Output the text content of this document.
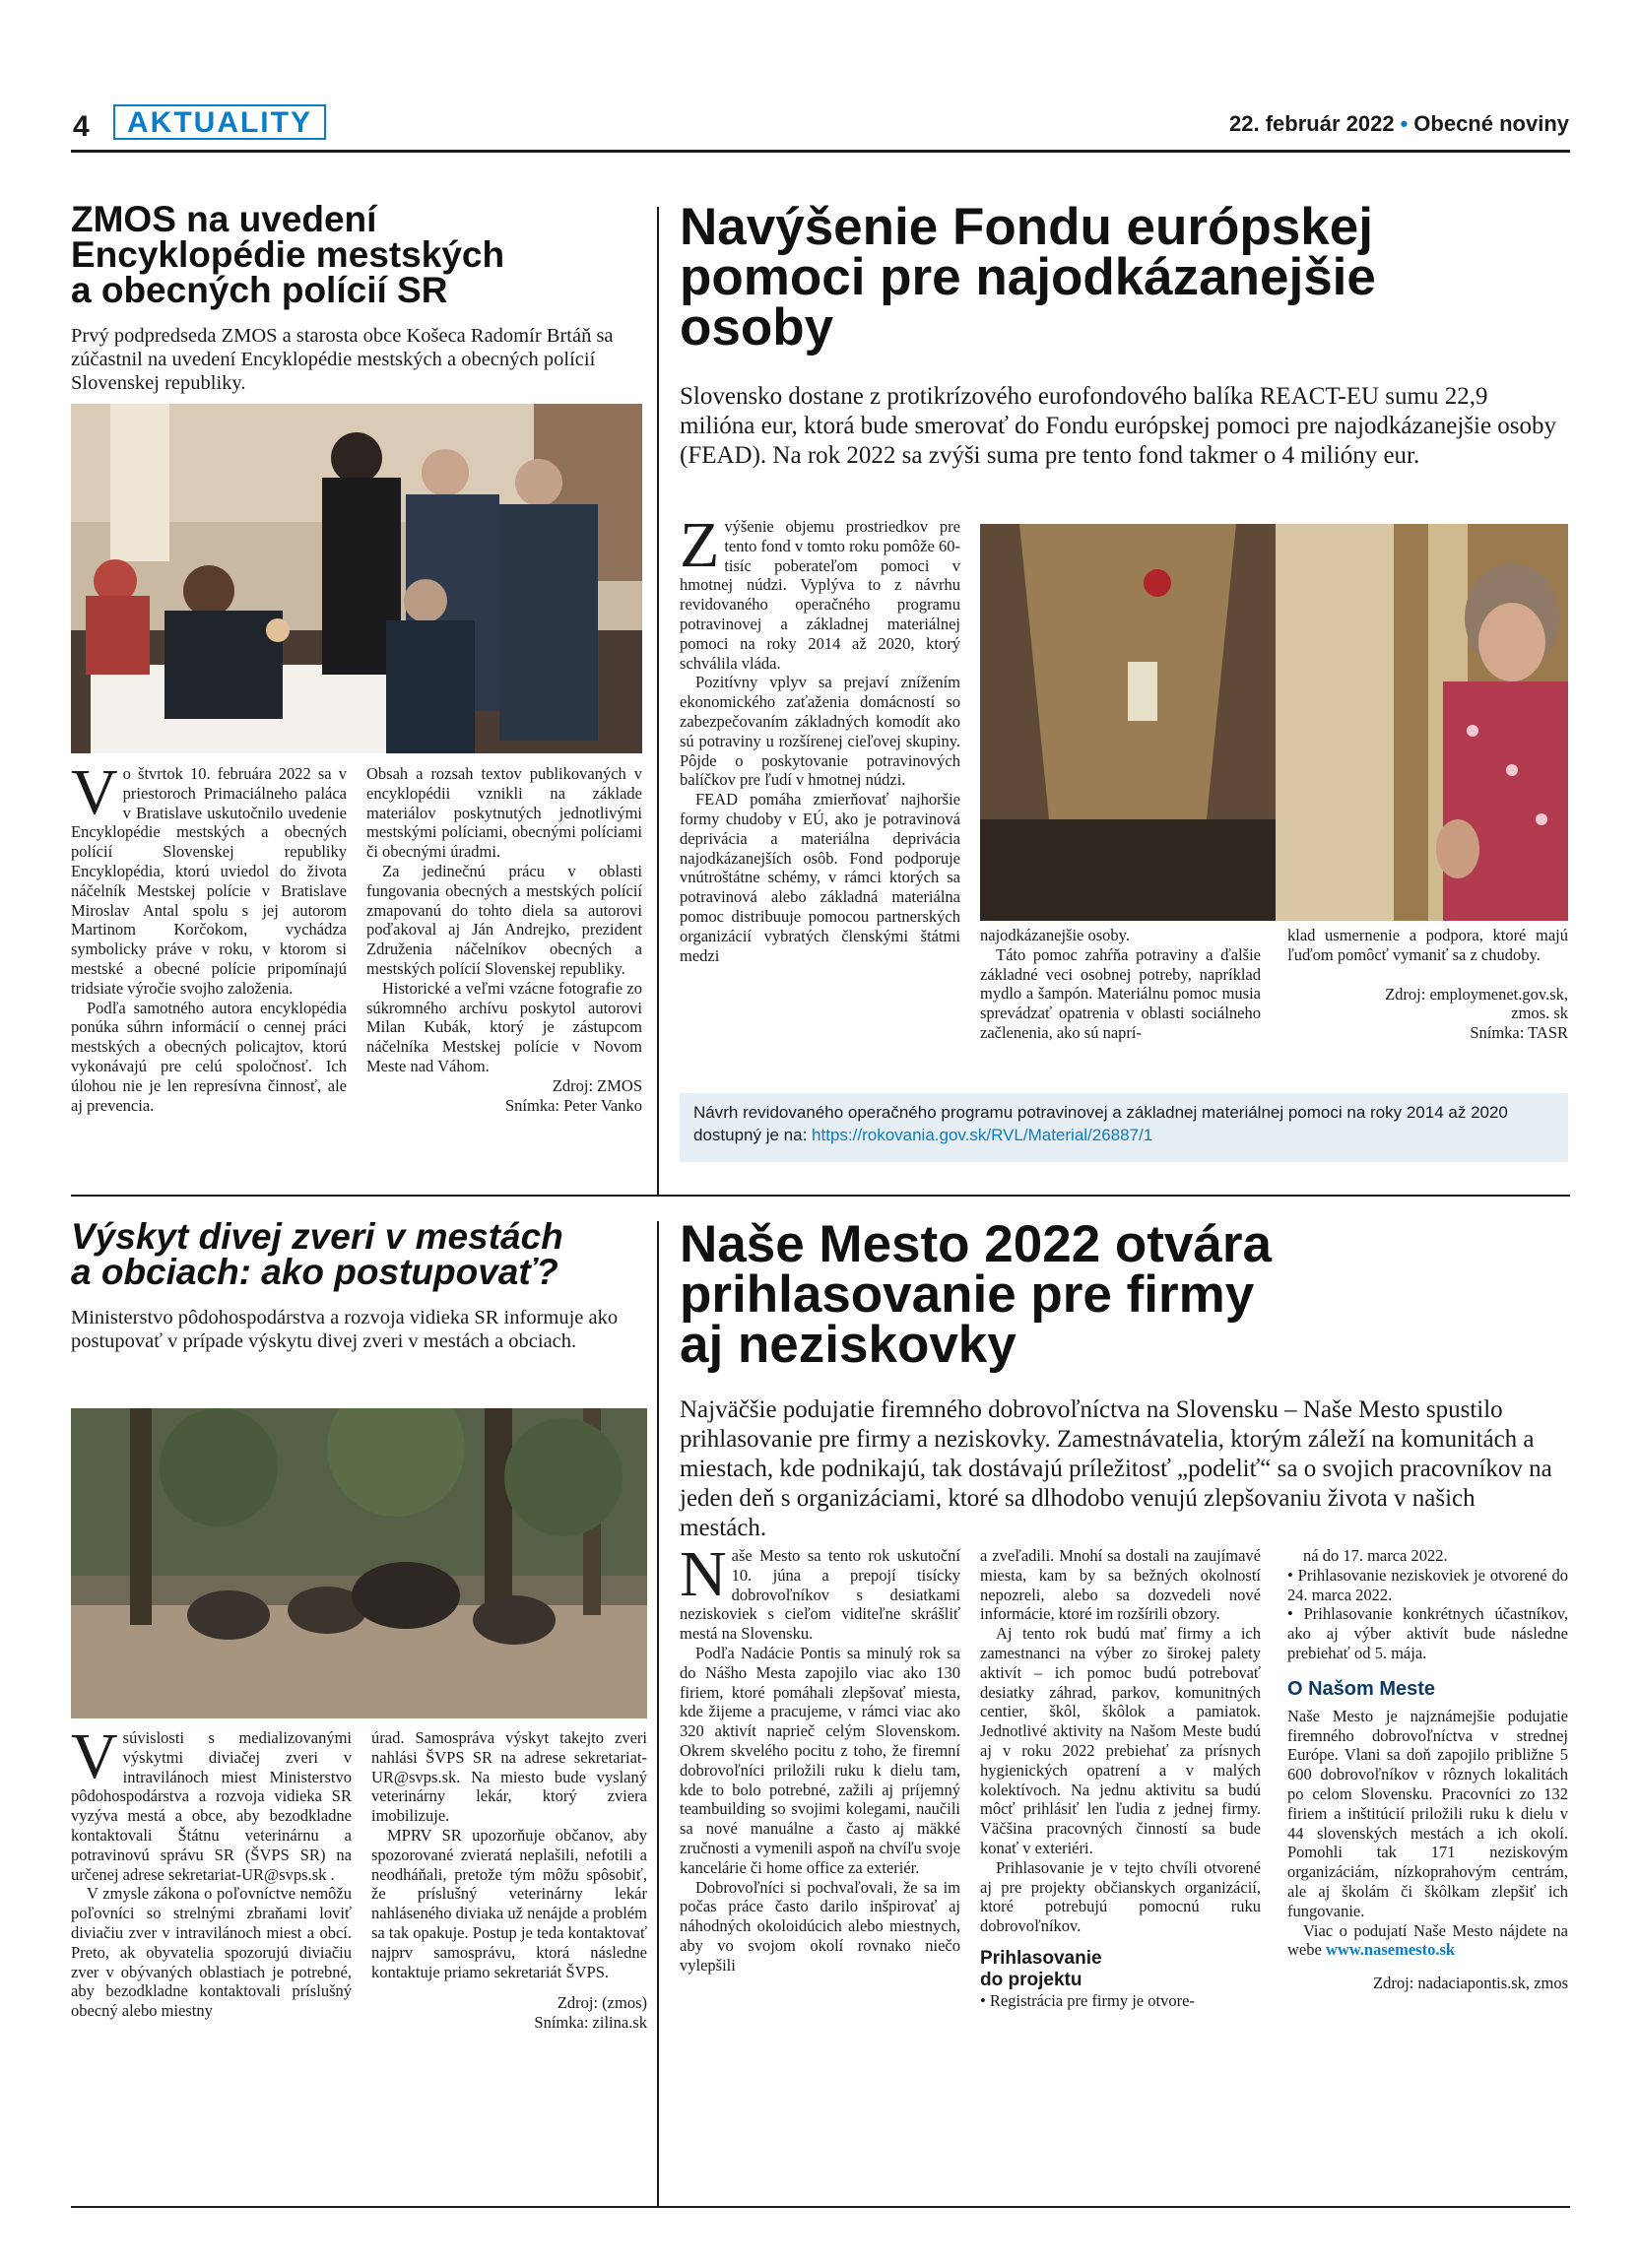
4	AKTUALITY	22. február 2022 • Obecné noviny
ZMOS na uvedení
Encyklopédie mestských
a obecných polícií SR
Prvý podpredseda ZMOS a starosta obce Košeca Radomír Brtáň sa zúčastnil na uvedení Encyklopédie mestských a obecných polícií Slovenskej republiky.

Vo štvrtok 10. februára 2022 sa v priestoroch Primaciálneho paláca v Bratislave uskutočnilo uvedenie Encyklopédie mestských a obecných polícií Slovenskej republiky Encyklopédia, ktorú uviedol do života náčelník Mestskej polície v Bratislave Miroslav Antal spolu s jej autorom Martinom Korčokom, vychádza symbolicky práve v roku, v ktorom si mestské a obecné polície pripomínajú tridsiate výročie svojho založenia.

Podľa samotného autora encyklopédia ponúka súhrn informácií o cennej práci mestských a obecných policajtov, ktorú vykonávajú pre celú spoločnosť. Ich úlohou nie je len represívna činnosť, ale aj prevencia.

Obsah a rozsah textov publikovaných v encyklopédii vznikli na základe materiálov poskytnutých jednotlivými mestskými políciami, obecnými políciami či obecnými úradmi.

Za jedinečnú prácu v oblasti fungovania obecných a mestských polícií zmapovanú do tohto diela sa autorovi poďakoval aj Ján Andrejko, prezident Združenia náčelníkov obecných a mestských polícií Slovenskej republiky.

Historické a veľmi vzácne fotografie zo súkromného archívu poskytol autorovi Milan Kubák, ktorý je zástupcom náčelníka Mestskej polície v Novom Meste nad Váhom.

Zdroj: ZMOS
Snímka: Peter Vanko
Navýšenie Fondu európskej
pomoci pre najodkázanejšie
osoby
Slovensko dostane z protikrízového eurofondového balíka REACT-EU sumu 22,9 milióna eur, ktorá bude smerovať do Fondu európskej pomoci pre najodkázanejšie osoby (FEAD). Na rok 2022 sa zvýši suma pre tento fond takmer o 4 milióny eur.

Zvýšenie objemu prostriedkov pre tento fond v tomto roku pomôže 60-tisíc poberateľom pomoci v hmotnej núdzi. Vyplýva to z návrhu revidovaného operačného programu potravinovej a základnej materiálnej pomoci na roky 2014 až 2020, ktorý schválila vláda.

Pozitívny vplyv sa prejaví znížením ekonomického zaťaženia domácností so zabezpečovaním základných komodít ako sú potraviny u rozšírenej cieľovej skupiny. Pôjde o poskytovanie potravinových balíčkov pre ľudí v hmotnej núdzi.

FEAD pomáha zmierňovať najhoršie formy chudoby v EÚ, ako je potravinová deprivácia a materiálna deprivácia najodkázanejších osôb. Fond podporuje vnútroštátne schémy, v rámci ktorých sa potravinová alebo základná materiálna pomoc distribuuje pomocou partnerských organizácií vybratých členskými štátmi medzi

najodkázanejšie osoby.

Táto pomoc zahŕňa potraviny a ďalšie základné veci osobnej potreby, napríklad mydlo a šampón. Materiálnu pomoc musia sprevádzať opatrenia v oblasti sociálneho začlenenia, ako sú naprí-

klad usmernenie a podpora, ktoré majú ľuďom pomôcť vymaniť sa z chudoby.

Zdroj: employmenet.gov.sk,
zmos. sk
Snímka: TASR
Návrh revidovaného operačného programu potravinovej a základnej materiálnej pomoci na roky 2014 až 2020 dostupný je na: https://rokovania.gov.sk/RVL/Material/26887/1
Výskyt divej zveri v mestách
a obciach: ako postupovať?
Ministerstvo pôdohospodárstva a rozvoja vidieka SR informuje ako postupovať v prípade výskytu divej zveri v mestách a obciach.

Vsúvislosti s medializovanými výskytmi diviačej zveri v intravilánoch miest Ministerstvo pôdohospodárstva a rozvoja vidieka SR vyzýva mestá a obce, aby bezodkladne kontaktovali Štátnu veterinárnu a potravinovú správu SR (ŠVPS SR) na určenej adrese sekretariat-UR@svps.sk .

V zmysle zákona o poľovníctve nemôžu poľovníci so strelnými zbraňami loviť diviačiu zver v intravilánoch miest a obcí. Preto, ak obyvatelia spozorujú diviačiu zver v obývaných oblastiach je potrebné, aby bezodkladne kontaktovali príslušný obecný alebo miestny

úrad. Samospráva výskyt takejto zveri nahlási ŠVPS SR na adrese sekretariat-UR@svps.sk. Na miesto bude vyslaný veterinárny lekár, ktorý zviera imobilizuje.

MPRV SR upozorňuje občanov, aby spozorované zvieratá neplašili, nefotili a neodháňali, pretože tým môžu spôsobiť, že príslušný veterinárny lekár nahláseného diviaka už nenájde a problém sa tak opakuje. Postup je teda kontaktovať najprv samosprávu, ktorá následne kontaktuje priamo sekretariát ŠVPS.

Zdroj: (zmos)
Snímka: zilina.sk
Naše Mesto 2022 otvára
prihlasovanie pre firmy
aj neziskovky
Najväčšie podujatie firemného dobrovoľníctva na Slovensku – Naše Mesto spustilo prihlasovanie pre firmy a neziskovky. Zamestnávatelia, ktorým záleží na komunitách a miestach, kde podnikajú, tak dostávajú príležitosť „podeliť“ sa o svojich pracovníkov na jeden deň s organizáciami, ktoré sa dlhodobo venujú zlepšovaniu života v našich mestách.

Naše Mesto sa tento rok uskutoční 10. júna a prepojí tisícky dobrovoľníkov s desiatkami neziskoviek s cieľom viditeľne skrášliť mestá na Slovensku.

Podľa Nadácie Pontis sa minulý rok sa do Nášho Mesta zapojilo viac ako 130 firiem, ktoré pomáhali zlepšovať miesta, kde žijeme a pracujeme, v rámci viac ako 320 aktivít naprieč celým Slovenskom. Okrem skvelého pocitu z toho, že firemní dobrovoľníci priložili ruku k dielu tam, kde to bolo potrebné, zažili aj príjemný teambuilding so svojimi kolegami, naučili sa nové manuálne a často aj mäkké zručnosti a vymenili aspoň na chvíľu svoje kancelárie či home office za exteriér.

Dobrovoľníci si pochvaľovali, že sa im počas práce často darilo inšpirovať aj náhodných okoloidúcich alebo miestnych, aby vo svojom okolí rovnako niečo vylepšili

a zveľadili. Mnohí sa dostali na zaujímavé miesta, kam by sa bežných okolností nepozreli, alebo sa dozvedeli nové informácie, ktoré im rozšírili obzory.

Aj tento rok budú mať firmy a ich zamestnanci na výber zo širokej palety aktivít – ich pomoc budú potrebovať desiatky záhrad, parkov, komunitných centier, škôl, škôlok a pamiatok. Jednotlivé aktivity na Našom Meste budú aj v roku 2022 prebiehať za prísnych hygienických opatrení a v malých kolektívoch. Na jednu aktivitu sa budú môcť prihlásiť len ľudia z jednej firmy. Väčšina pracovných činností sa bude konať v exteriéri.

Prihlasovanie je v tejto chvíli otvorené aj pre projekty občianskych organizácií, ktoré potrebujú pomocnú ruku dobrovoľníkov.

Prihlasovanie
do projektu
• Registrácia pre firmy je otvore-
ná do 17. marca 2022.
• Prihlasovanie neziskoviek je otvorené do 24. marca 2022.
• Prihlasovanie konkrétnych účastníkov, ako aj výber aktivít bude následne prebiehať od 5. mája.
O Našom Meste

Naše Mesto je najznámejšie podujatie firemného dobrovoľníctva v strednej Európe. Vlani sa doň zapojilo približne 5 600 dobrovoľníkov v rôznych lokalitách po celom Slovensku. Pracovníci zo 132 firiem a inštitúcií priložili ruku k dielu v 44 slovenských mestách a ich okolí. Pomohli tak 171 neziskovým organizáciám, nízkoprahovým centrám, ale aj školám či škôlkam zlepšiť ich fungovanie.

Viac o podujatí Naše Mesto nájdete na webe www.nasemesto.sk

Zdroj: nadaciapontis.sk, zmos
